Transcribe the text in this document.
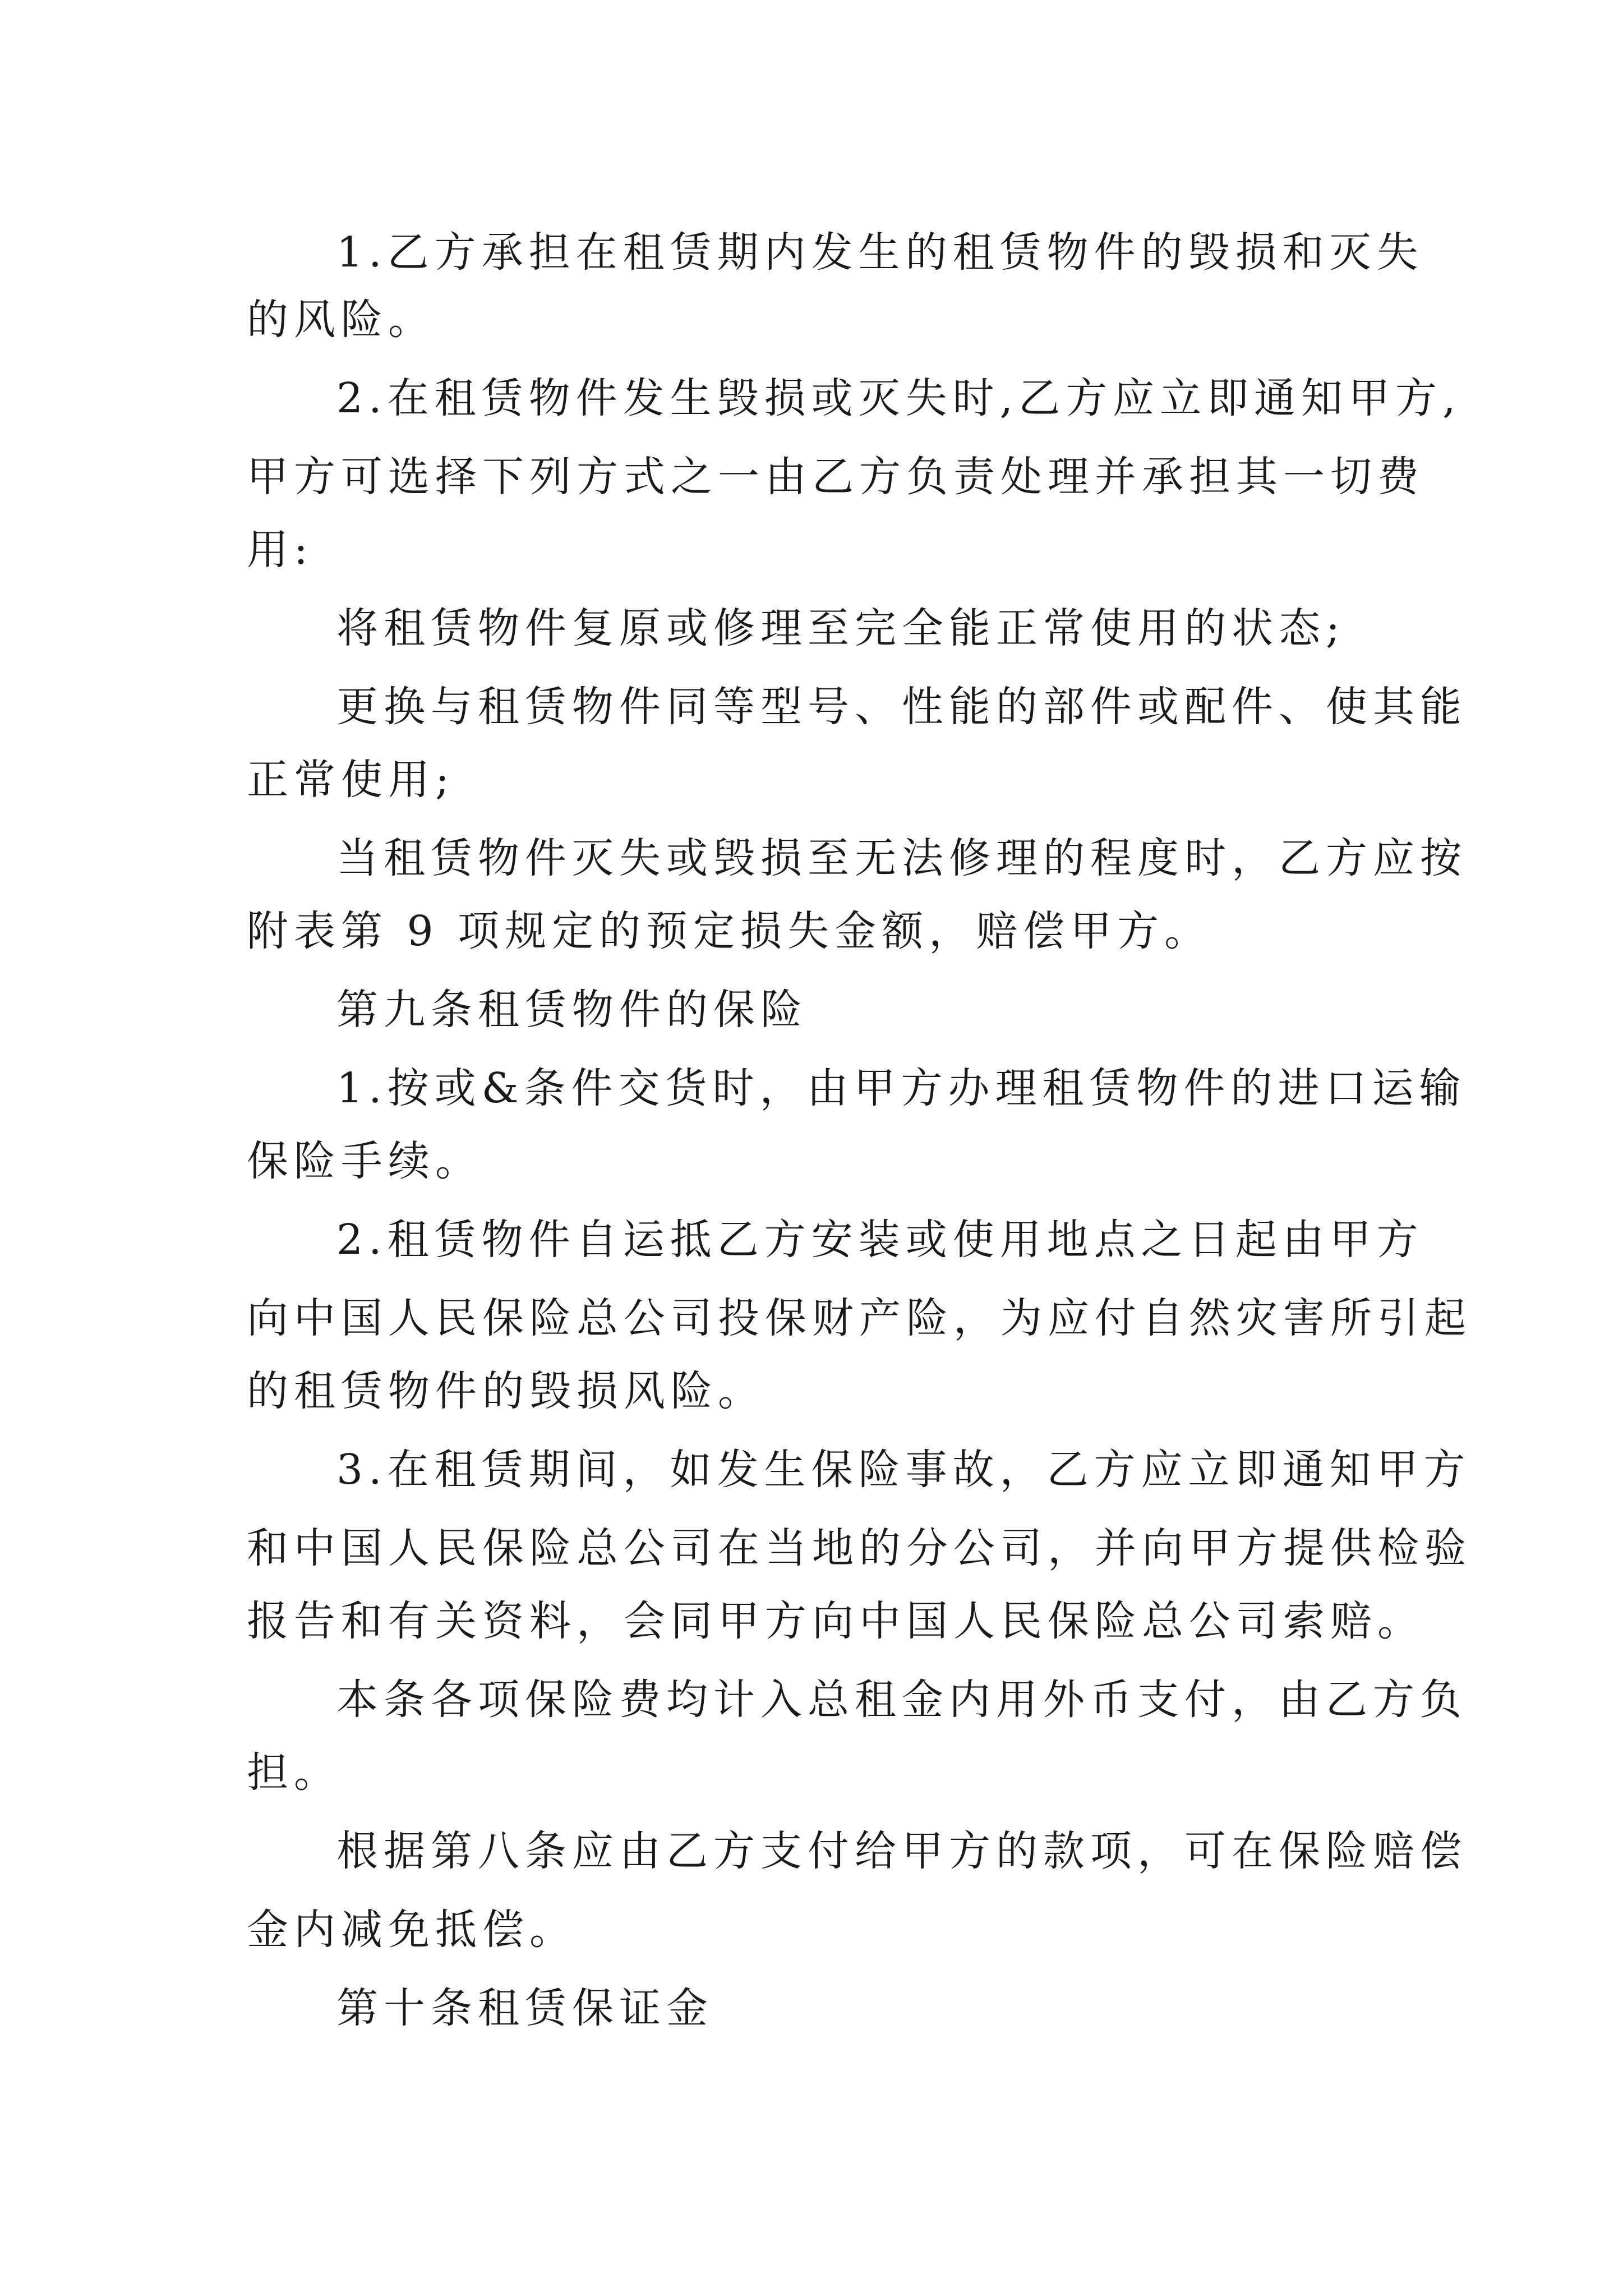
1.乙方承担在租赁期内发生的租赁物件的毁损和灭失

的风险。

2.在租赁物件发生毁损或灭失时,乙方应立即通知甲方,

甲方可选择下列方式之一由乙方负责处理并承担其一切费

用:

将租赁物件复原或修理至完全能正常使用的状态;

更换与租赁物件同等型号、性能的部件或配件、使其能

正常使用;

当租赁物件灭失或毁损至无法修理的程度时，乙方应按

附表第 9 项规定的预定损失金额，赔偿甲方。

第九条租赁物件的保险

1.按或&条件交货时，由甲方办理租赁物件的进口运输

保险手续。

2.租赁物件自运抵乙方安装或使用地点之日起由甲方

向中国人民保险总公司投保财产险，为应付自然灾害所引起

的租赁物件的毁损风险。

3.在租赁期间，如发生保险事故，乙方应立即通知甲方

和中国人民保险总公司在当地的分公司，并向甲方提供检验

报告和有关资料，会同甲方向中国人民保险总公司索赔。

本条各项保险费均计入总租金内用外币支付，由乙方负

担。

根据第八条应由乙方支付给甲方的款项，可在保险赔偿

金内减免抵偿。

第十条租赁保证金
